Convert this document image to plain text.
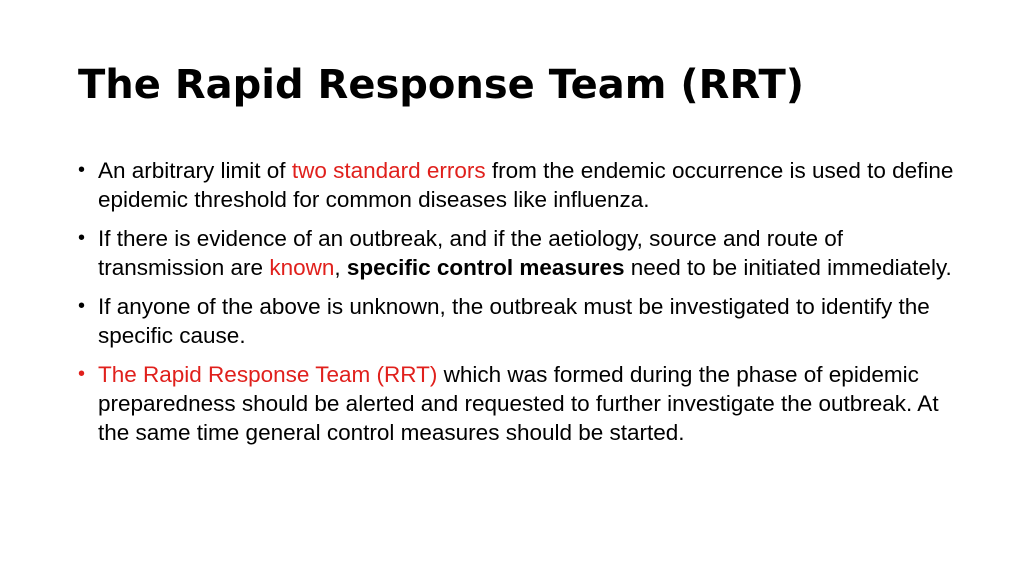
The Rapid Response Team (RRT)
• An arbitrary limit of two standard errors from the endemic occurrence is used to define epidemic threshold for common diseases like influenza.
• If there is evidence of an outbreak, and if the aetiology, source and route of transmission are known, specific control measures need to be initiated immediately.
• If anyone of the above is unknown, the outbreak must be investigated to identify the specific cause.
• The Rapid Response Team (RRT) which was formed during the phase of epidemic preparedness should be alerted and requested to further investigate the outbreak. At the same time general control measures should be started.
